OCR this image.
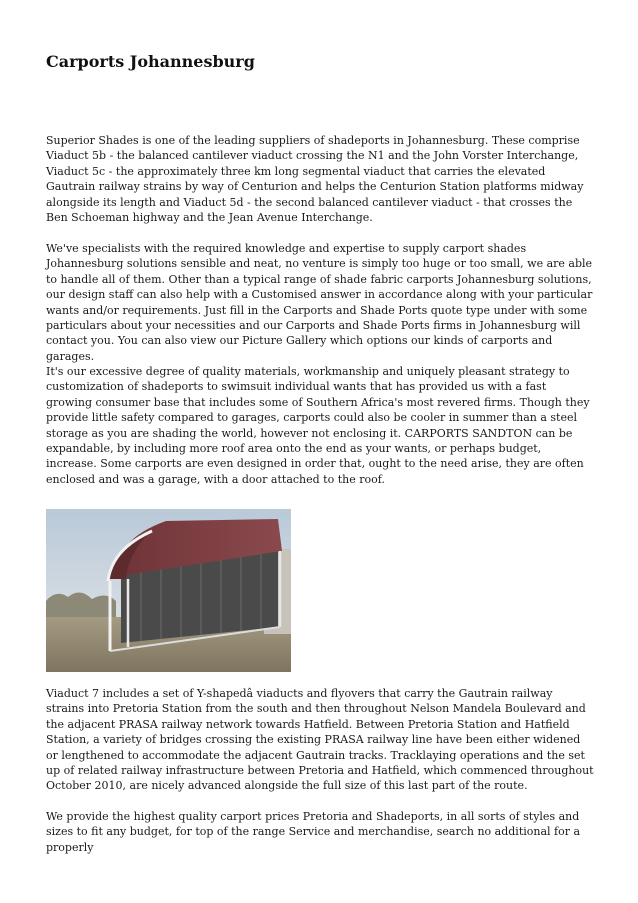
Carports Johannesburg

Superior Shades is one of the leading suppliers of shadeports in Johannesburg. These comprise Viaduct 5b - the balanced cantilever viaduct crossing the N1 and the John Vorster Interchange, Viaduct 5c - the approximately three km long segmental viaduct that carries the elevated Gautrain railway strains by way of Centurion and helps the Centurion Station platforms midway alongside its length and Viaduct 5d - the second balanced cantilever viaduct - that crosses the Ben Schoeman highway and the Jean Avenue Interchange.

We've specialists with the required knowledge and expertise to supply carport shades Johannesburg solutions sensible and neat, no venture is simply too huge or too small, we are able to handle all of them. Other than a typical range of shade fabric carports Johannesburg solutions, our design staff can also help with a Customised answer in accordance along with your particular wants and/or requirements. Just fill in the Carports and Shade Ports quote type under with some particulars about your necessities and our Carports and Shade Ports firms in Johannesburg will contact you. You can also view our Picture Gallery which options our kinds of carports and garages.

It's our excessive degree of quality materials, workmanship and uniquely pleasant strategy to customization of shadeports to swimsuit individual wants that has provided us with a fast growing consumer base that includes some of Southern Africa's most revered firms. Though they provide little safety compared to garages, carports could also be cooler in summer than a steel storage as you are shading the world, however not enclosing it. CARPORTS SANDTON can be expandable, by including more roof area onto the end as your wants, or perhaps budget, increase. Some carports are even designed in order that, ought to the need arise, they are often enclosed and was a garage, with a door attached to the roof.

Viaduct 7 includes a set of Y-shapedâ viaducts and flyovers that carry the Gautrain railway strains into Pretoria Station from the south and then throughout Nelson Mandela Boulevard and the adjacent PRASA railway network towards Hatfield. Between Pretoria Station and Hatfield Station, a variety of bridges crossing the existing PRASA railway line have been either widened or lengthened to accommodate the adjacent Gautrain tracks. Tracklaying operations and the set up of related railway infrastructure between Pretoria and Hatfield, which commenced throughout October 2010, are nicely advanced alongside the full size of this last part of the route.

We provide the highest quality carport prices Pretoria and Shadeports, in all sorts of styles and sizes to fit any budget, for top of the range Service and merchandise, search no additional for a properly
